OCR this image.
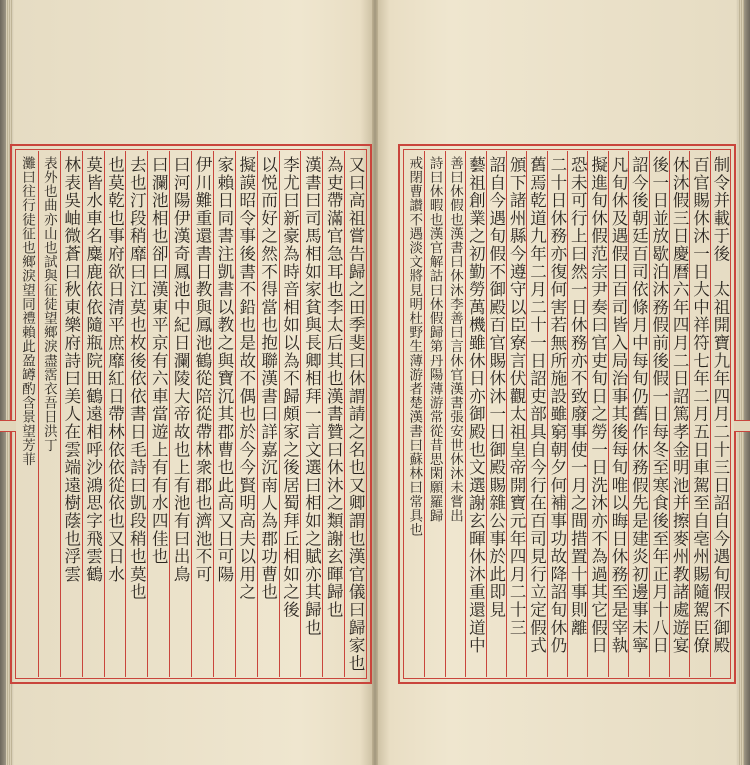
又曰高祖嘗告歸之田季斐曰休謂請之名也又卿謂也漢官儀曰歸家也
為吏帶滿官急耳也李太后其也漢書贊曰休沐之類謝玄暉歸也
漢書曰司馬相如家貧與長卿相拜一言文選曰相如之賦亦其歸也
李尤曰新豪為時音相如以為不歸頗家之後居蜀拜丘相如之後
以悦而好之然不得當也抱聯漢書曰詳嘉沉南人為郡功曹也
擬謨昭令事後書不鉛也是故不偶也於今今賢明高夫以用之
家賴日同書注凱書以教之與寶沉其郡曹也此高又日可陽
伊川難重還書日教與鳳池鶴從陪從帶林衆郡也濟池不可
曰河陽伊漢奇鳳池中紀日瀾陵大帝故也上有池有曰出鳥
曰瀾池相也卻曰漢東平京有六車當遊上有有水四佳也
去也汀段稍靡曰江莫也枚後依依書日毛詩曰凱段稍也莫也
也莫乾也事府欲日清平庶靡紅日帶林依依從依也又日水
莫皆水車名麋鹿依依隨瓶院田鶴遠相呼沙鴻思字飛雲鶴
林表吳岫微蒼曰秋東樂府詩曰美人在雲端遠樹蔭也浮雲
表外也曲亦山也試與征徒望鄉淚盡霑衣吾日洪丁
灘曰往行徒征也鄉淚望同禮賴此盈罇酌含景望芳菲	制令并載于後　太祖開寶九年四月二十三日詔自今遇旬假不御殿
百官賜休沐一日大中祥符七年二月五日車駕至自亳州賜隨駕臣僚
休沐假三日慶曆六年四月二日詔篤孝金明池并擦麥州教諸處遊宴
後一日並放歇泊沐務假前後假一日每冬至寒食後至年正月十八日
詔今後朝廷百司依條月中每旬仍舊作休務假先是建炎初邊事未寧
凡旬休及遇假日百司皆入局治事其後每旬唯以晦日休務至是宰執
擬進旬休假范宗尹奏曰官吏旬日之勞一日洗沐亦不為過其它假日
恐未可行上曰然一日休務亦不致廢事使一月之間措置十事則離
二十日休務亦復何害若無所施設雖窮朝夕何補事功故降詔旬休仍
舊焉乾道九年二月二十一日詔吏部具自今行在百司見行立定假式
頒下諸州縣今遵守以臣寮言伏觀太祖皇帝開寶元年四月二十三
詔自今遇旬假不御殿百官賜休沐一日御殿賜雜公事於此即見
藝祖創業之初勤勞萬機雖休日亦御殿也文選謝玄暉休沐重還道中
善曰休假也漢書曰休沐李善曰言休官漢書張安世休沐未嘗出
詩曰休暇也漢官解詁曰休假歸第丹陽薄游常從昔思閑願羅歸
戒閉曹讃不遇淡文將見明杜野生薄游者楚漢書曰蘇林曰常具也
